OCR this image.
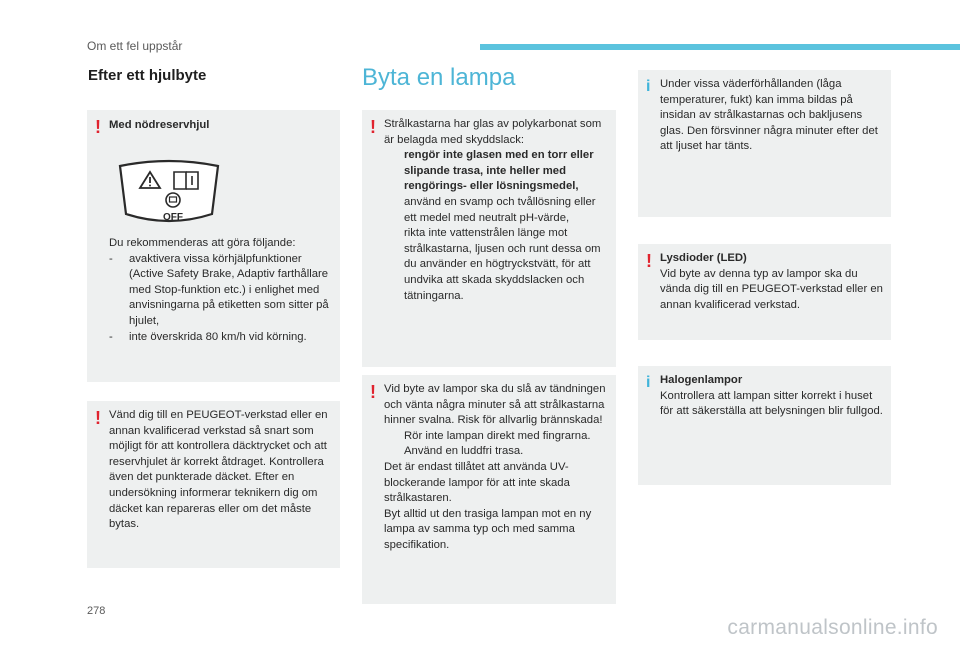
Om ett fel uppstår
Efter ett hjulbyte
! Med nödreservhjul

Du rekommenderas att göra följande:

- avaktivera vissa körhjälpfunktioner (Active Safety Brake, Adaptiv farthållare med Stop-funktion etc.) i enlighet med anvisningarna på etiketten som sitter på hjulet,
- inte överskrida 80 km/h vid körning.
OFF
! Vänd dig till en PEUGEOT-verkstad eller en annan kvalificerad verkstad så snart som möjligt för att kontrollera däcktrycket och att reservhjulet är korrekt åtdraget. Kontrollera även det punkterade däcket. Efter en undersökning informerar teknikern dig om däcket kan repareras eller om det måste bytas.

Byta en lampa
! Strålkastarna har glas av polykarbonat som är belagda med skyddslack:

rengör inte glasen med en torr eller slipande trasa, inte heller med rengörings- eller lösningsmedel,
använd en svamp och tvållösning eller ett medel med neutralt pH-värde,
rikta inte vattenstrålen länge mot strålkastarna, ljusen och runt dessa om du använder en högtryckstvätt, för att undvika att skada skyddslacken och tätningarna.
! Vid byte av lampor ska du slå av tändningen och vänta några minuter så att strålkastarna hinner svalna. Risk för allvarlig brännskada!

Rör inte lampan direkt med fingrarna. Använd en luddfri trasa.

Det är endast tillåtet att använda UV-blockerande lampor för att inte skada strålkastaren.

Byt alltid ut den trasiga lampan mot en ny lampa av samma typ och med samma specifikation.

i Under vissa väderförhållanden (låga temperaturer, fukt) kan imma bildas på insidan av strålkastarnas och bakljusens glas. Den försvinner några minuter efter det att ljuset har tänts.

! Lysdioder (LED)

Vid byte av denna typ av lampor ska du vända dig till en PEUGEOT-verkstad eller en annan kvalificerad verkstad.

i Halogenlampor

Kontrollera att lampan sitter korrekt i huset för att säkerställa att belysningen blir fullgod.

278
carmanualsonline.info
